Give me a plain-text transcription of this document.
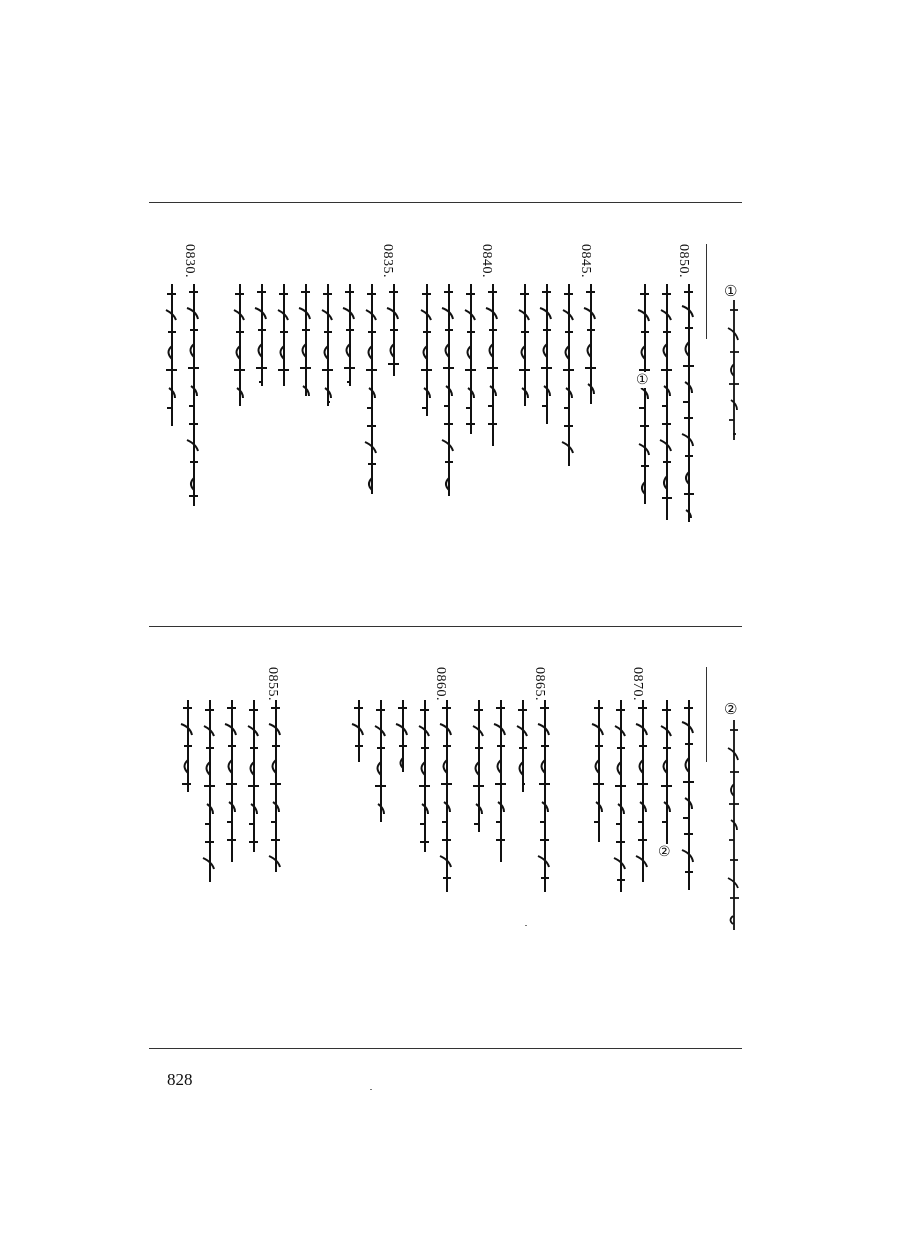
①
0850.
①
0845.
0840.
0835.
0830.
②
②
0870.
0865.
0860.
0855.
828
